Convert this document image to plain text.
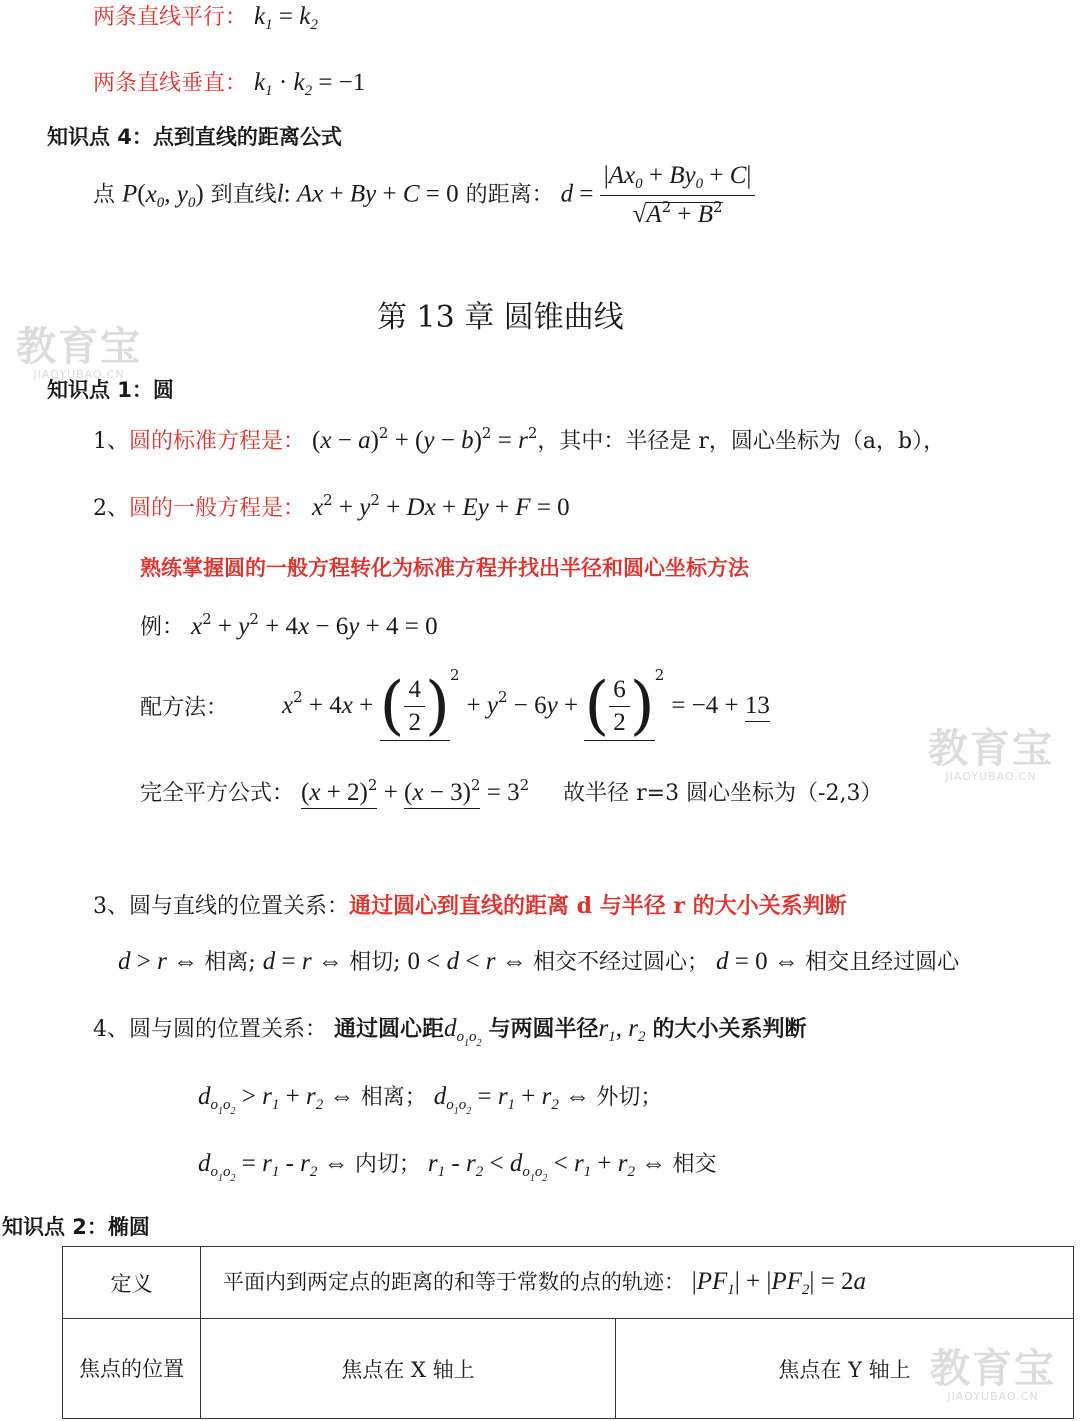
教育宝
JIAOYUBAO.CN
教育宝
JIAOYUBAO.CN
教育宝
JIAOYUBAO.CN
两条直线平行： $k_1 = k_2$
两条直线垂直： $k_1 \cdot k_2 = -1$
知识点 4：点到直线的距离公式
点 $P(x_0$, $y_0$) 到直线l: Ax + By + C = 0 的距离： $d = \frac{|Ax_0 + By_0 + C|}{√A^2 + B^2}$
第 13 章 圆锥曲线
知识点 1：圆
1、圆的标准方程是： $(x - a)^2 + (y - b)^2 = r^2$，其中：半径是 r，圆心坐标为（a，b），
2、圆的一般方程是： $x^2 + y^2 + Dx + Ey + F = 0$
熟练掌握圆的一般方程转化为标准方程并找出半径和圆心坐标方法
例： $x^2 + y^2 + 4x - 6y + 4 = 0$
配方法： $x^2 + 4x$ + ( $\frac{4}{2} )^2 + y^2 - 6y$ + ( $\frac{6}{2} )^2 = -4 + 13$
完全平方公式： $(x + 2)^2 + (x - 3)^2 = 3^2$ 故半径 r=3 圆心坐标为（-2,3）
3、圆与直线的位置关系：通过圆心到直线的距离 d 与半径 r 的大小关系判断
d > r ⇔ 相离; d = r ⇔ 相切; 0 < d < r ⇔ 相交不经过圆心； d = 0 ⇔ 相交且经过圆心
4、圆与圆的位置关系： 通过圆心距$d_{o_1o_2}$ 与两圆半径$r_1$, $r_2$ 的大小关系判断
$d_{o_1o_2} > r_1 + r_2$ ⇔ 相离； $d_{o_1o_2} = r_1 + r_2$ ⇔ 外切；
$d_{o_1o_2} = r_1 - r_2$ ⇔ 内切； $r_1 - r_2 < d_{o_1o_2} < r_1 + r_2$ ⇔ 相交
知识点 2：椭圆
定义	平面内到两定点的距离的和等于常数的点的轨迹： $|PF_1| + |PF_2| = 2a$	
焦点的位置	焦点在 X 轴上	焦点在 Y 轴上
